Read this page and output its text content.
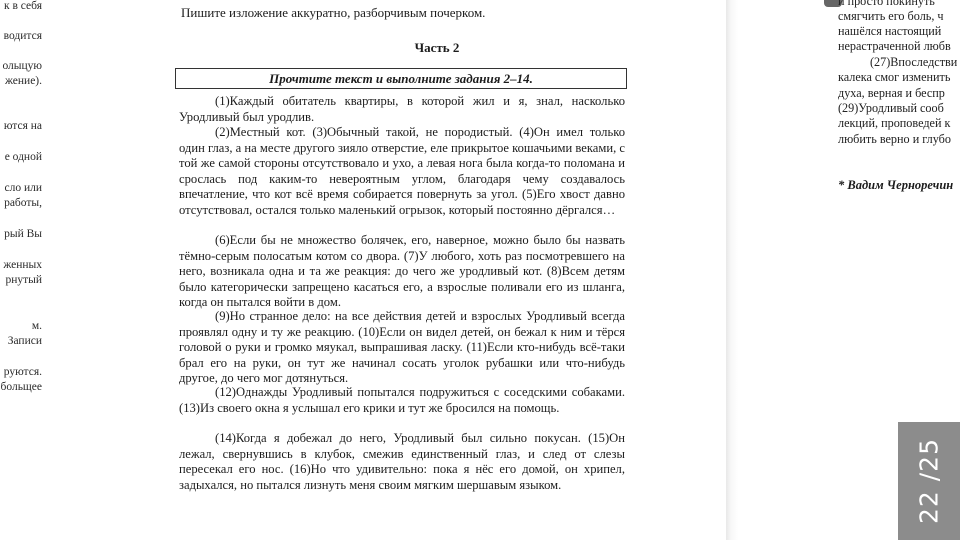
к в себя
водится
олыцую
жение).
ются на
е одной
сло или
работы,
рый Вы
женных
рнутый
м.
Записи
руются.
больщее
Пишите изложение аккуратно, разборчивым почерком.
Часть 2
Прочтите текст и выполните задания 2–14.

(1)Каждый обитатель квартиры, в которой жил и я, знал, насколько Уродливый был уродлив.

(2)Местный кот. (3)Обычный такой, не породистый. (4)Он имел только один глаз, а на месте другого зияло отверстие, еле прикрытое кошачьими веками, с той же самой стороны отсутствовало и ухо, а левая нога была когда-то поломана и срослась под каким-то невероятным углом, благодаря чему создавалось впечатление, что кот всё время собирается повернуть за угол. (5)Его хвост давно отсутствовал, остался только маленький огрызок, который постоянно дёргался…

(6)Если бы не множество болячек, его, наверное, можно было бы назвать тёмно-серым полосатым котом со двора. (7)У любого, хоть раз посмотревшего на него, возникала одна и та же реакция: до чего же уродливый кот. (8)Всем детям было категорически запрещено касаться его, а взрослые поливали его из шланга, когда он пытался войти в дом.

(9)Но странное дело: на все действия детей и взрослых Уродливый всегда проявлял одну и ту же реакцию. (10)Если он видел детей, он бежал к ним и тёрся головой о руки и громко мяукал, выпрашивая ласку. (11)Если кто-нибудь всё-таки брал его на руки, он тут же начинал сосать уголок рубашки или что-нибудь другое, до чего мог дотянуться.

(12)Однажды Уродливый попытался подружиться с соседскими собаками. (13)Из своего окна я услышал его крики и тут же бросился на помощь.

(14)Когда я добежал до него, Уродливый был сильно покусан. (15)Он лежал, свернувшись в клубок, смежив единственный глаз, и след от слезы пересекал его нос. (16)Но что удивительно: пока я нёс его домой, он хрипел, задыхался, но пытался лизнуть меня своим мягким шершавым языком.

и просто покинуть
смягчить его боль, ч
нашёлся настоящий
нерастраченной любв
(27)Впоследстви
калека смог изменить
духа, верная и беспр
(29)Уродливый сооб
лекций, проповедей к
любить верно и глубо
* Вадим Черноречин
22 /25
